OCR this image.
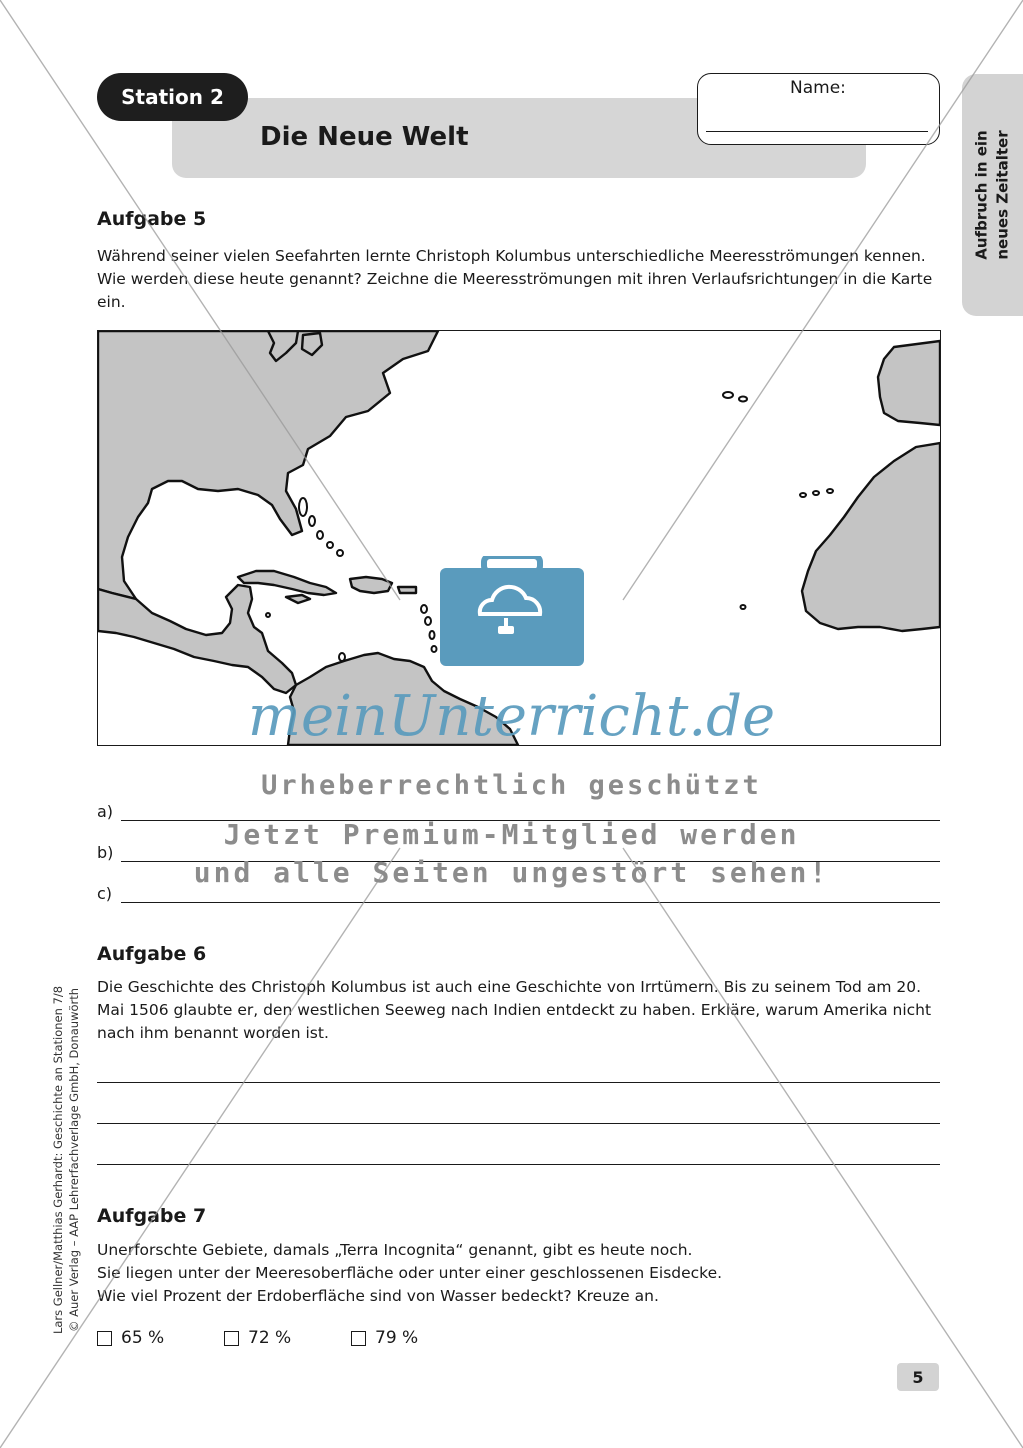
Station 2
Die Neue Welt
Name:
Aufbruch in ein neues Zeitalter
Aufgabe 5
Während seiner vielen Seefahrten lernte Christoph Kolumbus unterschiedliche Meeresströmungen kennen. Wie werden diese heute genannt? Zeichne die Meeresströmungen mit ihren Verlaufsrichtungen in die Karte ein.
a)
b)
c)
Aufgabe 6
Die Geschichte des Christoph Kolumbus ist auch eine Geschichte von Irrtümern. Bis zu seinem Tod am 20. Mai 1506 glaubte er, den westlichen Seeweg nach Indien entdeckt zu haben. Erkläre, warum Amerika nicht nach ihm benannt worden ist.
Aufgabe 7
Unerforschte Gebiete, damals „Terra Incognita“ genannt, gibt es heute noch.
Sie liegen unter der Meeresoberfläche oder unter einer geschlossenen Eisdecke.
Wie viel Prozent der Erdoberfläche sind von Wasser bedeckt? Kreuze an.
65 %	72 %	79 %
Lars Gellner/Matthias Gerhardt: Geschichte an Stationen 7/8 © Auer Verlag – AAP Lehrerfachverlage GmbH, Donauwörth
5
meinUnterricht.de
Urheberrechtlich geschützt
Jetzt Premium-Mitglied werden
und alle Seiten ungestört sehen!
